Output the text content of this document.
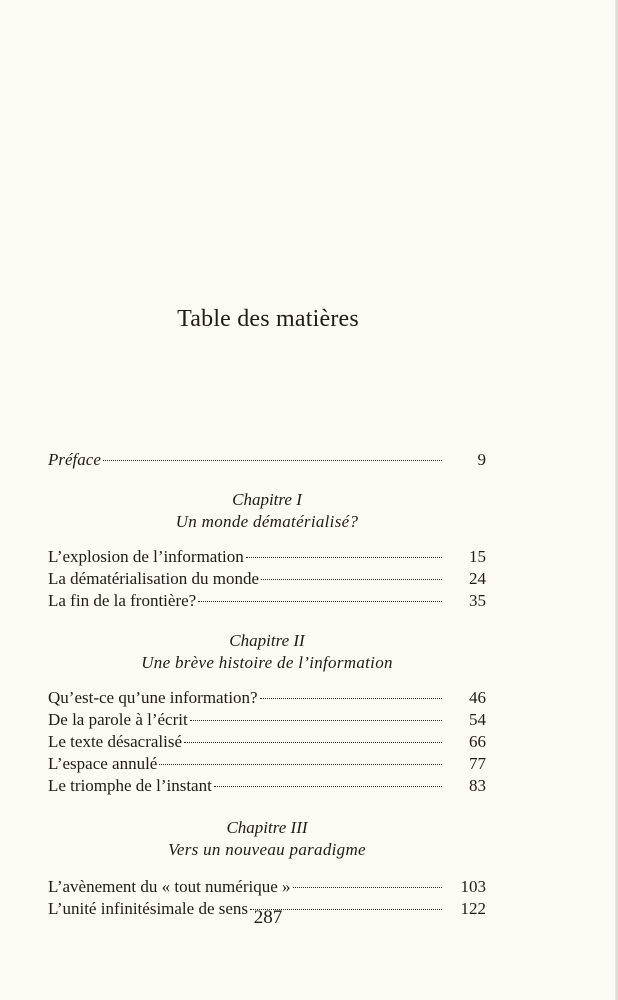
Table des matières
Préface	9
Chapitre I
Un monde dématérialisé?
L’explosion de l’information	15
La dématérialisation du monde	24
La fin de la frontière?	35
Chapitre II
Une brève histoire de l’information
Qu’est-ce qu’une information?	46
De la parole à l’écrit	54
Le texte désacralisé	66
L’espace annulé	77
Le triomphe de l’instant	83
Chapitre III
Vers un nouveau paradigme
L’avènement du « tout numérique »	103
L’unité infinitésimale de sens	122
287
